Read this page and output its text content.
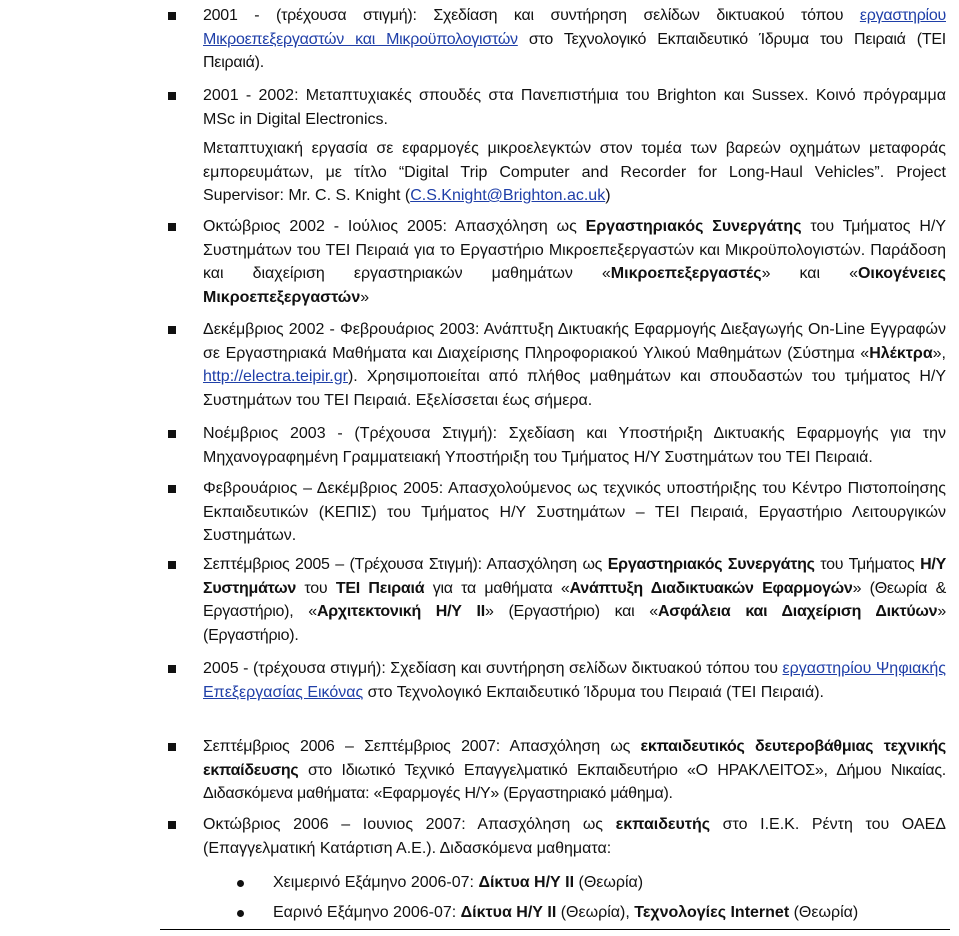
2001 - (τρέχουσα στιγμή): Σχεδίαση και συντήρηση σελίδων δικτυακού τόπου εργαστηρίου Μικροεπεξεργαστών και Μικροϋπολογιστών στο Τεχνολογικό Εκπαιδευτικό Ίδρυμα του Πειραιά (ΤΕΙ Πειραιά).
2001 - 2002: Μεταπτυχιακές σπουδές στα Πανεπιστήμια του Brighton και Sussex. Κοινό πρόγραμμα MSc in Digital Electronics.
Μεταπτυχιακή εργασία σε εφαρμογές μικροελεγκτών στον τομέα των βαρεών οχημάτων μεταφοράς εμπορευμάτων, με τίτλο “Digital Trip Computer and Recorder for Long-Haul Vehicles”. Project Supervisor: Mr. C. S. Knight (C.S.Knight@Brighton.ac.uk)
Οκτώβριος 2002 - Ιούλιος 2005: Απασχόληση ως Εργαστηριακός Συνεργάτης του Τμήματος Η/Υ Συστημάτων του ΤΕΙ Πειραιά για το Εργαστήριο Μικροεπεξεργαστών και Μικροϋπολογιστών. Παράδοση και διαχείριση εργαστηριακών μαθημάτων «Μικροεπεξεργαστές» και «Οικογένειες Μικροεπεξεργαστών»
Δεκέμβριος 2002 - Φεβρουάριος 2003: Ανάπτυξη Δικτυακής Εφαρμογής Διεξαγωγής On-Line Εγγραφών σε Εργαστηριακά Μαθήματα και Διαχείρισης Πληροφοριακού Υλικού Μαθημάτων (Σύστημα «Ηλέκτρα», http://electra.teipir.gr). Χρησιμοποιείται από πλήθος μαθημάτων και σπουδαστών του τμήματος Η/Υ Συστημάτων του ΤΕΙ Πειραιά. Εξελίσσεται έως σήμερα.
Νοέμβριος 2003 - (Τρέχουσα Στιγμή): Σχεδίαση και Υποστήριξη Δικτυακής Εφαρμογής για την Μηχανογραφημένη Γραμματειακή Υποστήριξη του Τμήματος Η/Υ Συστημάτων του ΤΕΙ Πειραιά.
Φεβρουάριος – Δεκέμβριος 2005: Απασχολούμενος ως τεχνικός υποστήριξης του Κέντρο Πιστοποίησης Εκπαιδευτικών (ΚΕΠΙΣ) του Τμήματος Η/Υ Συστημάτων – ΤΕΙ Πειραιά, Εργαστήριο Λειτουργικών Συστημάτων.
Σεπτέμβριος 2005 – (Τρέχουσα Στιγμή): Απασχόληση ως Εργαστηριακός Συνεργάτης του Τμήματος Η/Υ Συστημάτων του ΤΕΙ Πειραιά για τα μαθήματα «Ανάπτυξη Διαδικτυακών Εφαρμογών» (Θεωρία & Εργαστήριο), «Αρχιτεκτονική Η/Υ ΙΙ» (Εργαστήριο) και «Ασφάλεια και Διαχείριση Δικτύων» (Εργαστήριο).
2005 - (τρέχουσα στιγμή): Σχεδίαση και συντήρηση σελίδων δικτυακού τόπου του εργαστηρίου Ψηφιακής Επεξεργασίας Εικόνας στο Τεχνολογικό Εκπαιδευτικό Ίδρυμα του Πειραιά (ΤΕΙ Πειραιά).
Σεπτέμβριος 2006 – Σεπτέμβριος 2007: Απασχόληση ως εκπαιδευτικός δευτεροβάθμιας τεχνικής εκπαίδευσης στο Ιδιωτικό Τεχνικό Επαγγελματικό Εκπαιδευτήριο «Ο ΗΡΑΚΛΕΙΤΟΣ», Δήμου Νικαίας. Διδασκόμενα μαθήματα: «Εφαρμογές Η/Υ» (Εργαστηριακό μάθημα).
Οκτώβριος 2006 – Ιουνιος 2007: Απασχόληση ως εκπαιδευτής στο Ι.Ε.Κ. Ρέντη του ΟΑΕΔ (Επαγγελματική Κατάρτιση Α.Ε.). Διδασκόμενα μαθηματα:
Χειμερινό Εξάμηνο 2006-07: Δίκτυα Η/Υ ΙΙ (Θεωρία)
Εαρινό Εξάμηνο 2006-07: Δίκτυα Η/Υ ΙΙ (Θεωρία), Τεχνολογίες Internet (Θεωρία)
